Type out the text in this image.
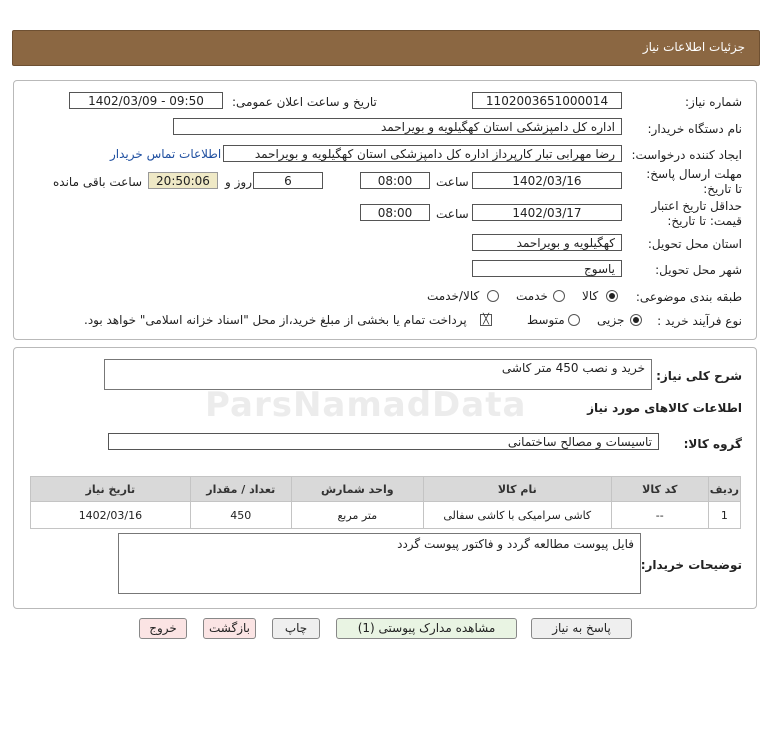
جزئیات اطلاعات نیاز
شماره نیاز:
1102003651000014
تاریخ و ساعت اعلان عمومی:
1402/03/09 - 09:50
نام دستگاه خریدار:
اداره کل دامپزشکی استان کهگیلویه و بویراحمد
ایجاد کننده درخواست:
رضا مهرابی تبار کارپرداز اداره کل دامپزشکی استان کهگیلویه و بویراحمد
اطلاعات تماس خریدار
مهلت ارسال پاسخ: تا تاریخ:
1402/03/16
ساعت
08:00
6
روز و
20:50:06
ساعت باقی مانده
حداقل تاریخ اعتبار قیمت: تا تاریخ:
1402/03/17
ساعت
08:00
استان محل تحویل:
کهگیلویه و بویراحمد
شهر محل تحویل:
یاسوج
طبقه بندی موضوعی:
کالا
خدمت
کالا/خدمت
نوع فرآیند خرید :
جزیی
متوسط
╳
پرداخت تمام یا بخشی از مبلغ خرید،از محل "اسناد خزانه اسلامی" خواهد بود.
شرح کلی نیاز:
خرید و نصب 450 متر کاشی
اطلاعات کالاهای مورد نیاز
ParsNamadData
گروه کالا:
تاسیسات و مصالح ساختمانی
ردیف	کد کالا	نام کالا	واحد شمارش	تعداد / مقدار	تاریخ نیاز
1	--	کاشی سرامیکی با کاشی سفالی	متر مربع	450	1402/03/16
توضیحات خریدار:
فایل پیوست مطالعه گردد و فاکتور پیوست گردد
پاسخ به نیاز
مشاهده مدارک پیوستی (1)
چاپ
بازگشت
خروج
